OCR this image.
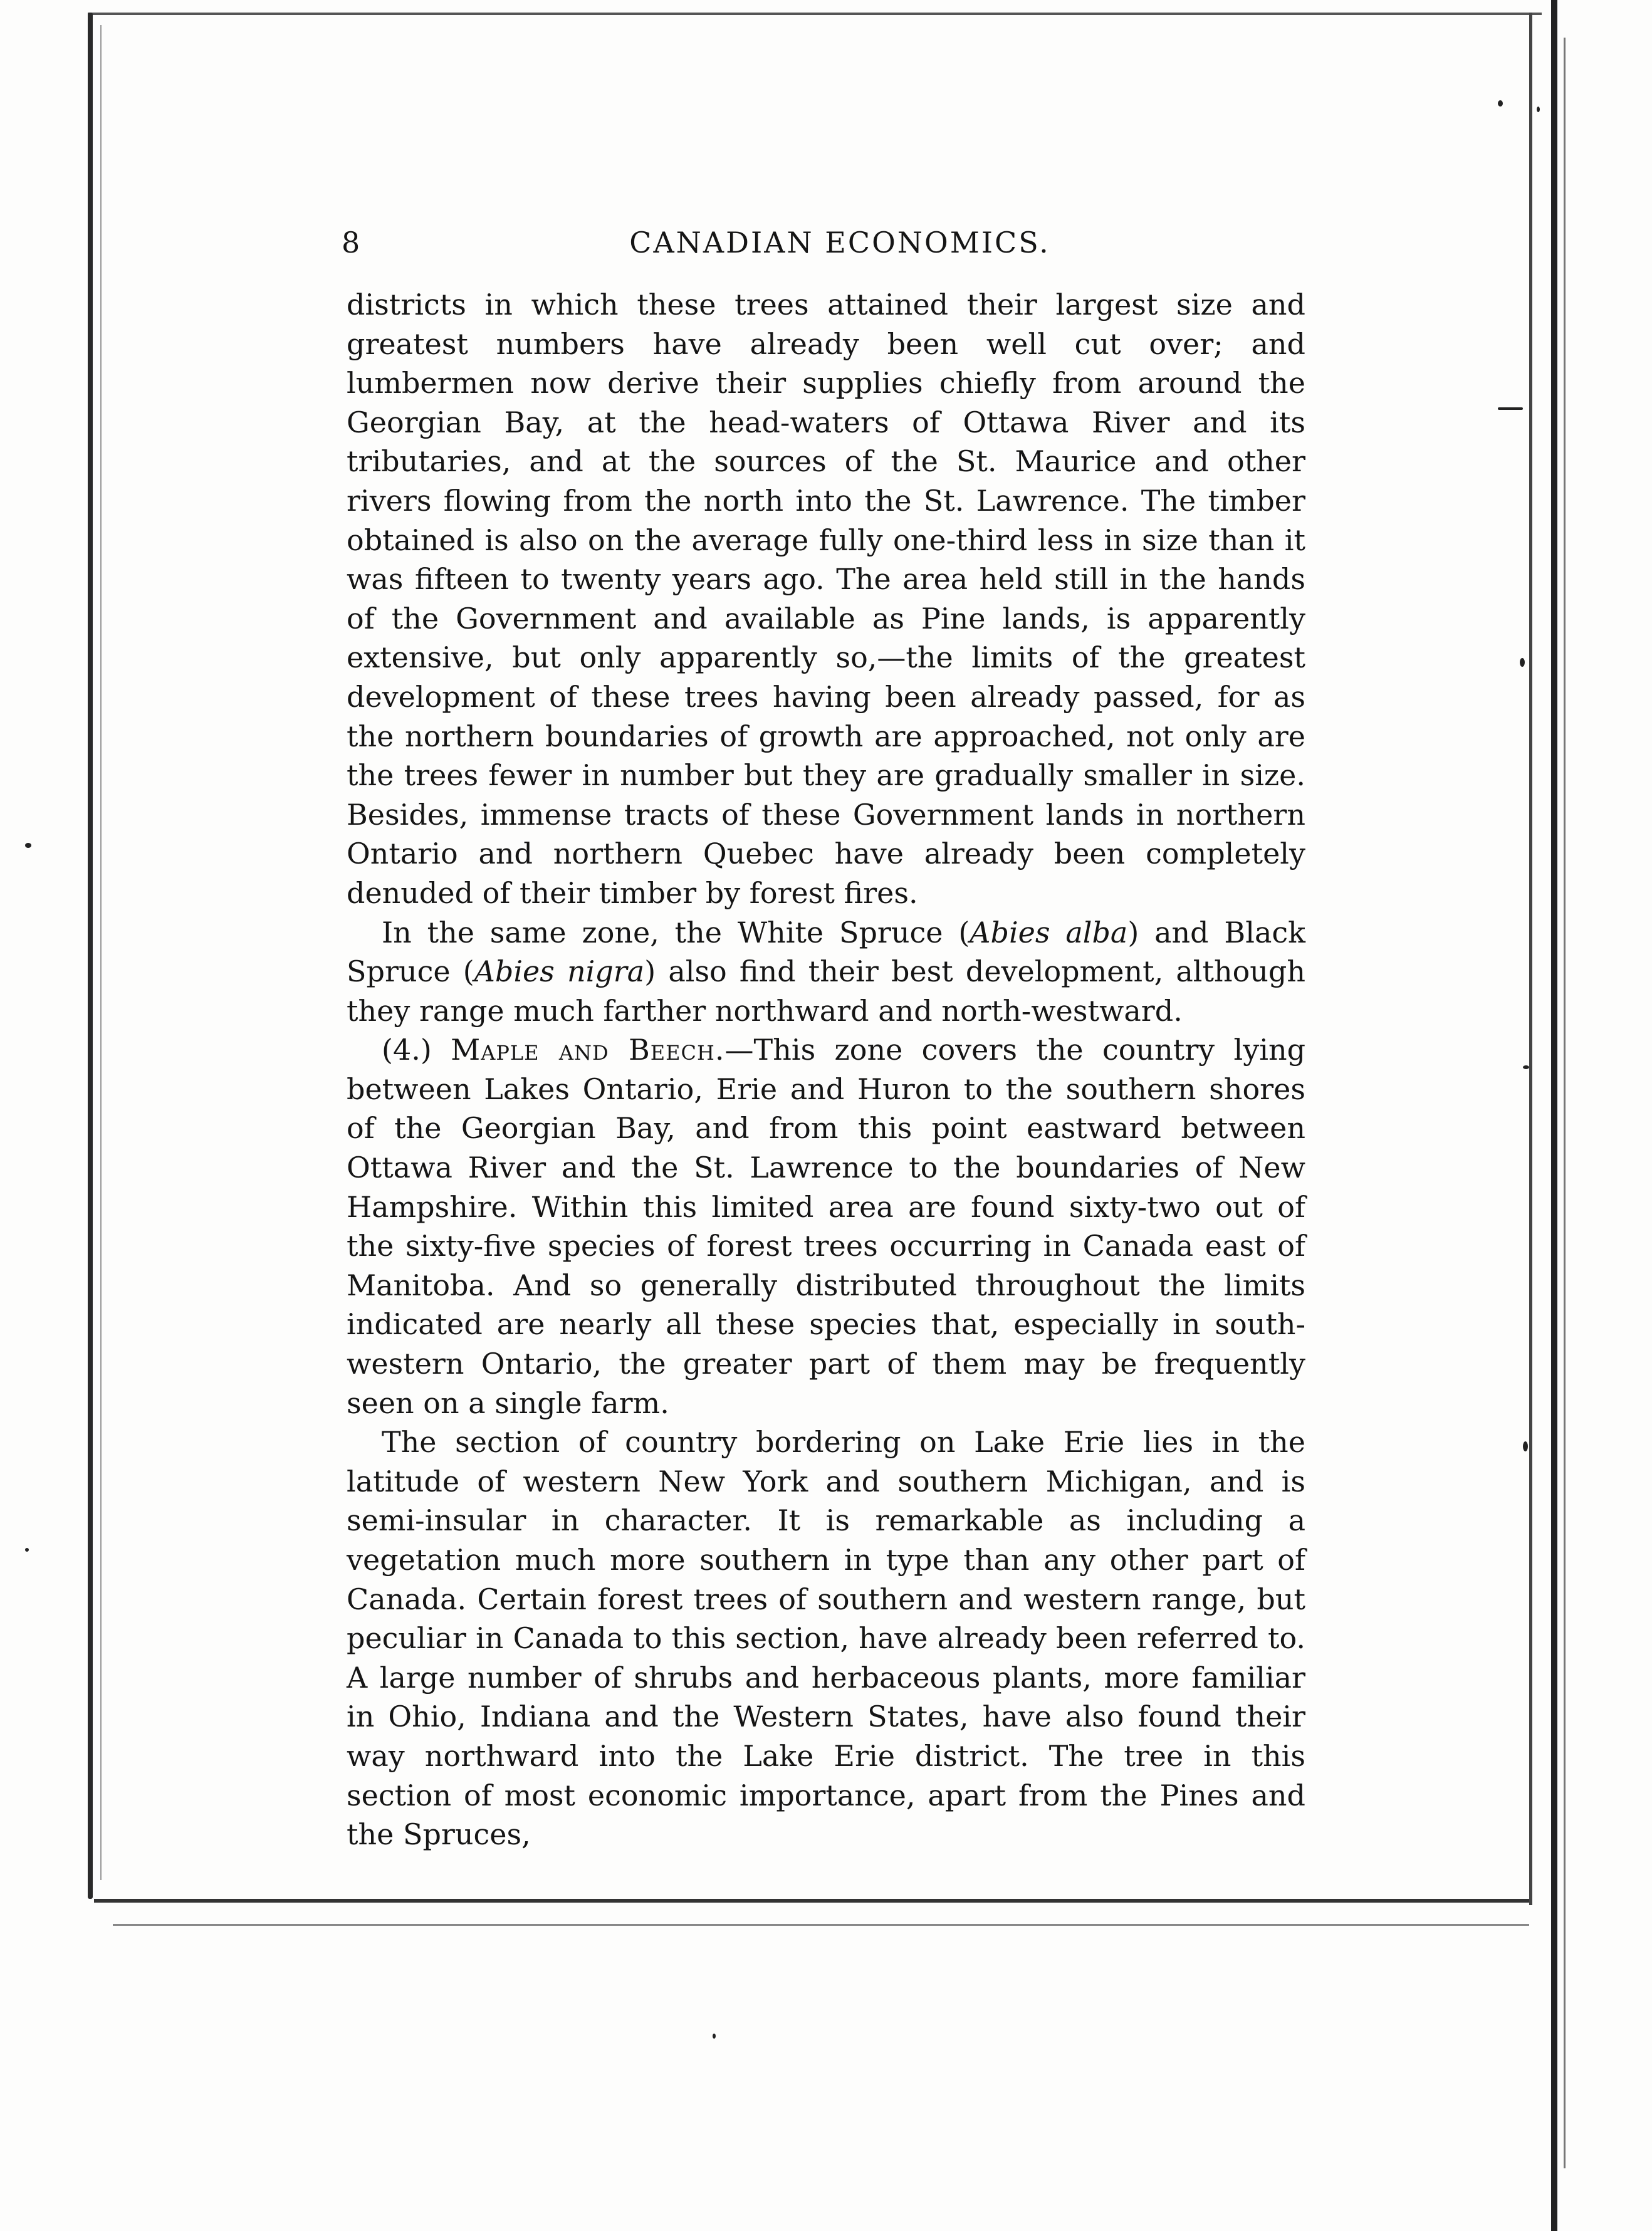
8	CANADIAN ECONOMICS.

districts in which these trees attained their largest size and greatest numbers have already been well cut over; and lumbermen now derive their supplies chiefly from around the Georgian Bay, at the head-waters of Ottawa River and its tributaries, and at the sources of the St. Maurice and other rivers flowing from the north into the St. Lawrence. The timber obtained is also on the average fully one-third less in size than it was fifteen to twenty years ago. The area held still in the hands of the Government and available as Pine lands, is apparently extensive, but only apparently so,—the limits of the greatest development of these trees having been already passed, for as the northern boundaries of growth are approached, not only are the trees fewer in number but they are gradually smaller in size. Besides, immense tracts of these Government lands in northern Ontario and northern Quebec have already been completely denuded of their timber by forest fires.

In the same zone, the White Spruce (Abies alba) and Black Spruce (Abies nigra) also find their best development, although they range much farther northward and north-westward.

(4.) Maple and Beech.—This zone covers the country lying between Lakes Ontario, Erie and Huron to the southern shores of the Georgian Bay, and from this point eastward between Ottawa River and the St. Lawrence to the boundaries of New Hampshire. Within this limited area are found sixty-two out of the sixty-five species of forest trees occurring in Canada east of Manitoba. And so generally distributed throughout the limits indicated are nearly all these species that, especially in south-western Ontario, the greater part of them may be frequently seen on a single farm.

The section of country bordering on Lake Erie lies in the latitude of western New York and southern Michigan, and is semi-insular in character. It is remarkable as including a vegetation much more southern in type than any other part of Canada. Certain forest trees of southern and western range, but peculiar in Canada to this section, have already been referred to. A large number of shrubs and herbaceous plants, more familiar in Ohio, Indiana and the Western States, have also found their way northward into the Lake Erie district. The tree in this section of most economic importance, apart from the Pines and the Spruces,
